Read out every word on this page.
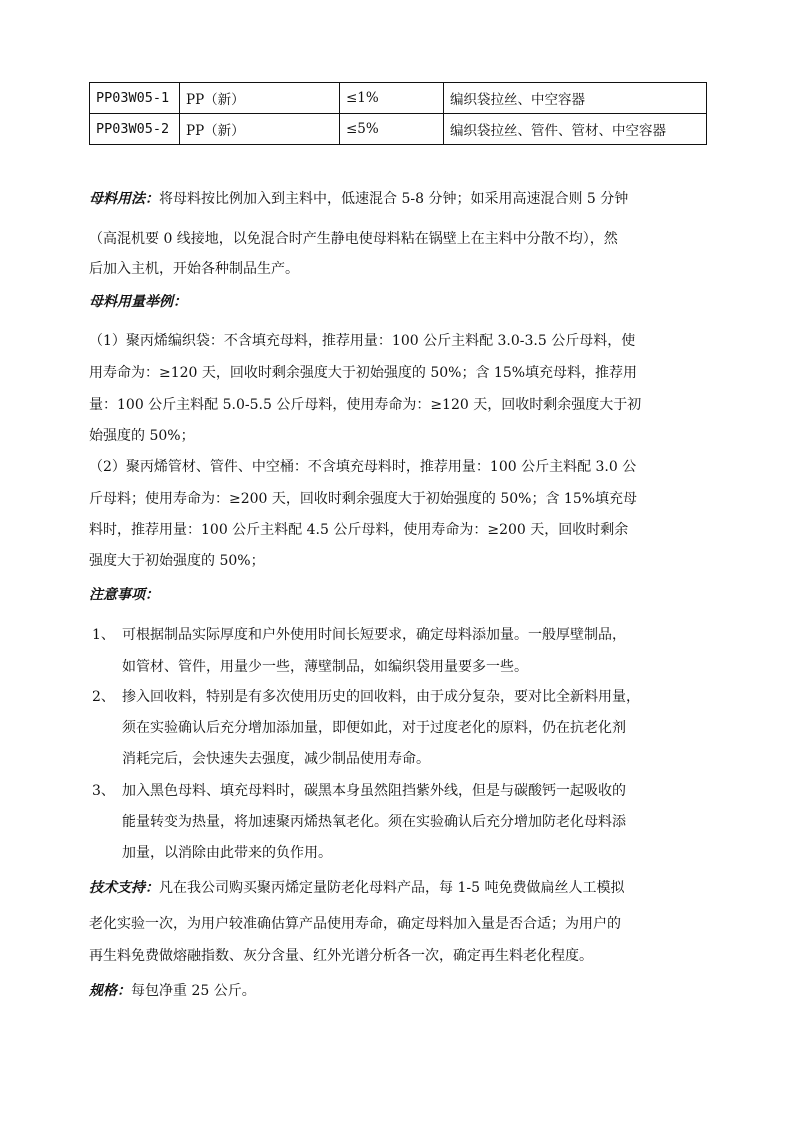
PP03W05-1	PP（新）	≤1%	编织袋拉丝、中空容器
PP03W05-2	PP（新）	≤5%	编织袋拉丝、管件、管材、中空容器
母料用法：将母料按比例加入到主料中，低速混合 5-8 分钟；如采用高速混合则 5 分钟
（高混机要 0 线接地，以免混合时产生静电使母料粘在锅壁上在主料中分散不均），然
后加入主机，开始各种制品生产。
母料用量举例：
（1）聚丙烯编织袋：不含填充母料，推荐用量：100 公斤主料配 3.0-3.5 公斤母料，使
用寿命为：≥120 天，回收时剩余强度大于初始强度的 50%；含 15%填充母料，推荐用
量：100 公斤主料配 5.0-5.5 公斤母料，使用寿命为：≥120 天，回收时剩余强度大于初
始强度的 50%；
（2）聚丙烯管材、管件、中空桶：不含填充母料时，推荐用量：100 公斤主料配 3.0 公
斤母料；使用寿命为：≥200 天，回收时剩余强度大于初始强度的 50%；含 15%填充母
料时，推荐用量：100 公斤主料配 4.5 公斤母料，使用寿命为：≥200 天，回收时剩余
强度大于初始强度的 50%；
注意事项：
1、 可根据制品实际厚度和户外使用时间长短要求，确定母料添加量。一般厚壁制品，
如管材、管件，用量少一些，薄壁制品，如编织袋用量要多一些。
2、 掺入回收料，特别是有多次使用历史的回收料，由于成分复杂，要对比全新料用量，
须在实验确认后充分增加添加量，即便如此，对于过度老化的原料，仍在抗老化剂
消耗完后，会快速失去强度，减少制品使用寿命。
3、 加入黑色母料、填充母料时，碳黑本身虽然阻挡紫外线，但是与碳酸钙一起吸收的
能量转变为热量，将加速聚丙烯热氧老化。须在实验确认后充分增加防老化母料添
加量，以消除由此带来的负作用。
技术支持：凡在我公司购买聚丙烯定量防老化母料产品，每 1-5 吨免费做扁丝人工模拟
老化实验一次，为用户较准确估算产品使用寿命，确定母料加入量是否合适；为用户的
再生料免费做熔融指数、灰分含量、红外光谱分析各一次，确定再生料老化程度。
规格：每包净重 25 公斤。
